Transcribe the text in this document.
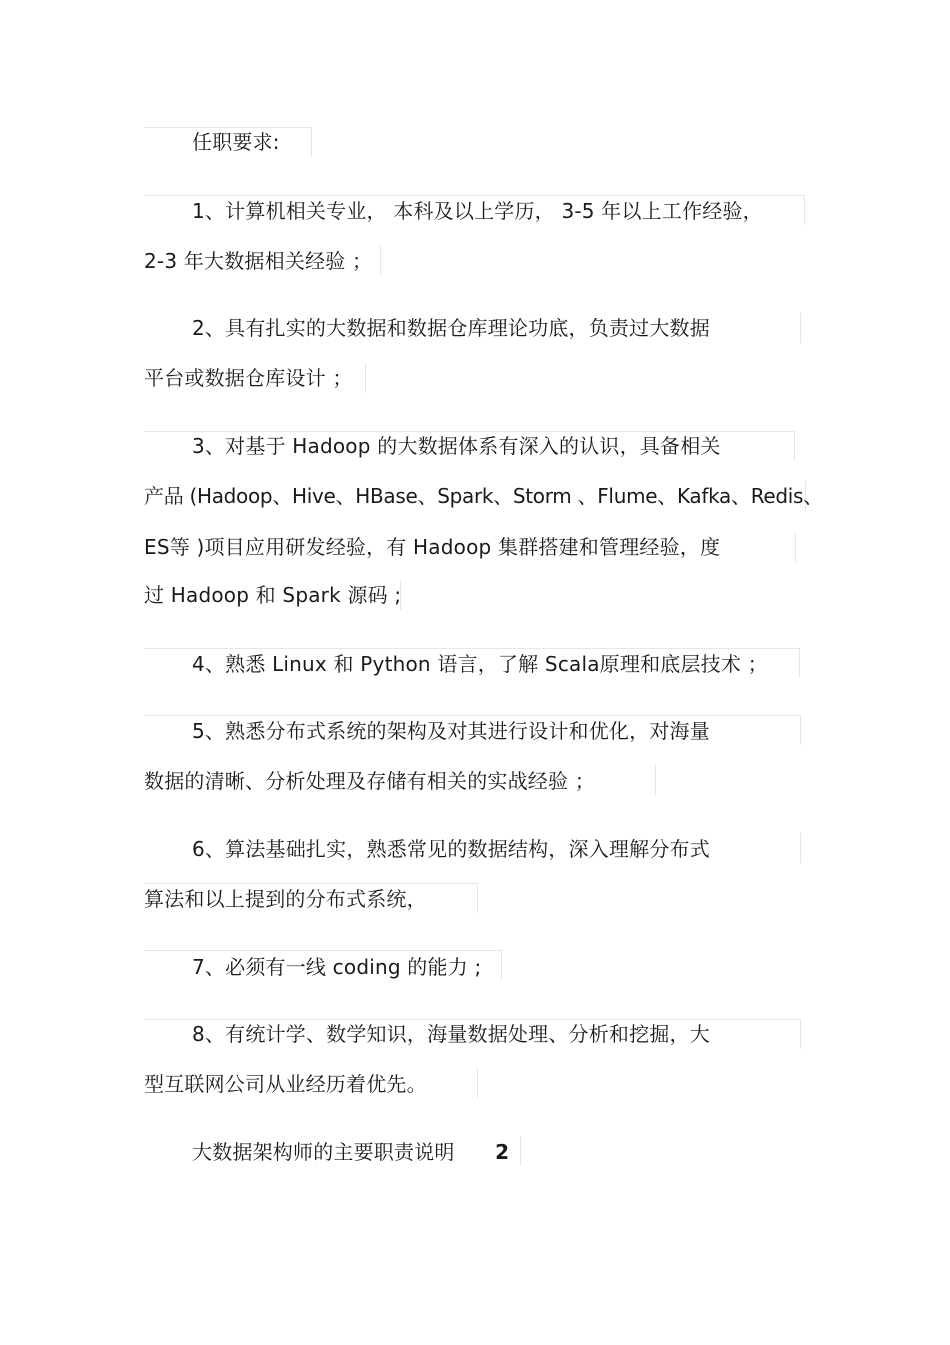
任职要求:
1、计算机相关专业， 本科及以上学历， 3-5 年以上工作经验，
2-3 年大数据相关经验 ；
2、具有扎实的大数据和数据仓库理论功底，负责过大数据
平台或数据仓库设计 ；
3、对基于 Hadoop 的大数据体系有深入的认识，具备相关
产品 (Hadoop、Hive、HBase、Spark、Storm 、Flume、Kafka、Redis、
ES等 )项目应用研发经验，有 Hadoop 集群搭建和管理经验，度
过 Hadoop 和 Spark 源码 ;
4、熟悉 Linux 和 Python 语言，了解 Scala原理和底层技术 ；
5、熟悉分布式系统的架构及对其进行设计和优化，对海量
数据的清晰、分析处理及存储有相关的实战经验 ；
6、算法基础扎实，熟悉常见的数据结构，深入理解分布式
算法和以上提到的分布式系统，
7、必须有一线 coding 的能力 ;
8、有统计学、数学知识，海量数据处理、分析和挖掘，大
型互联网公司从业经历着优先。
大数据架构师的主要职责说明 2
